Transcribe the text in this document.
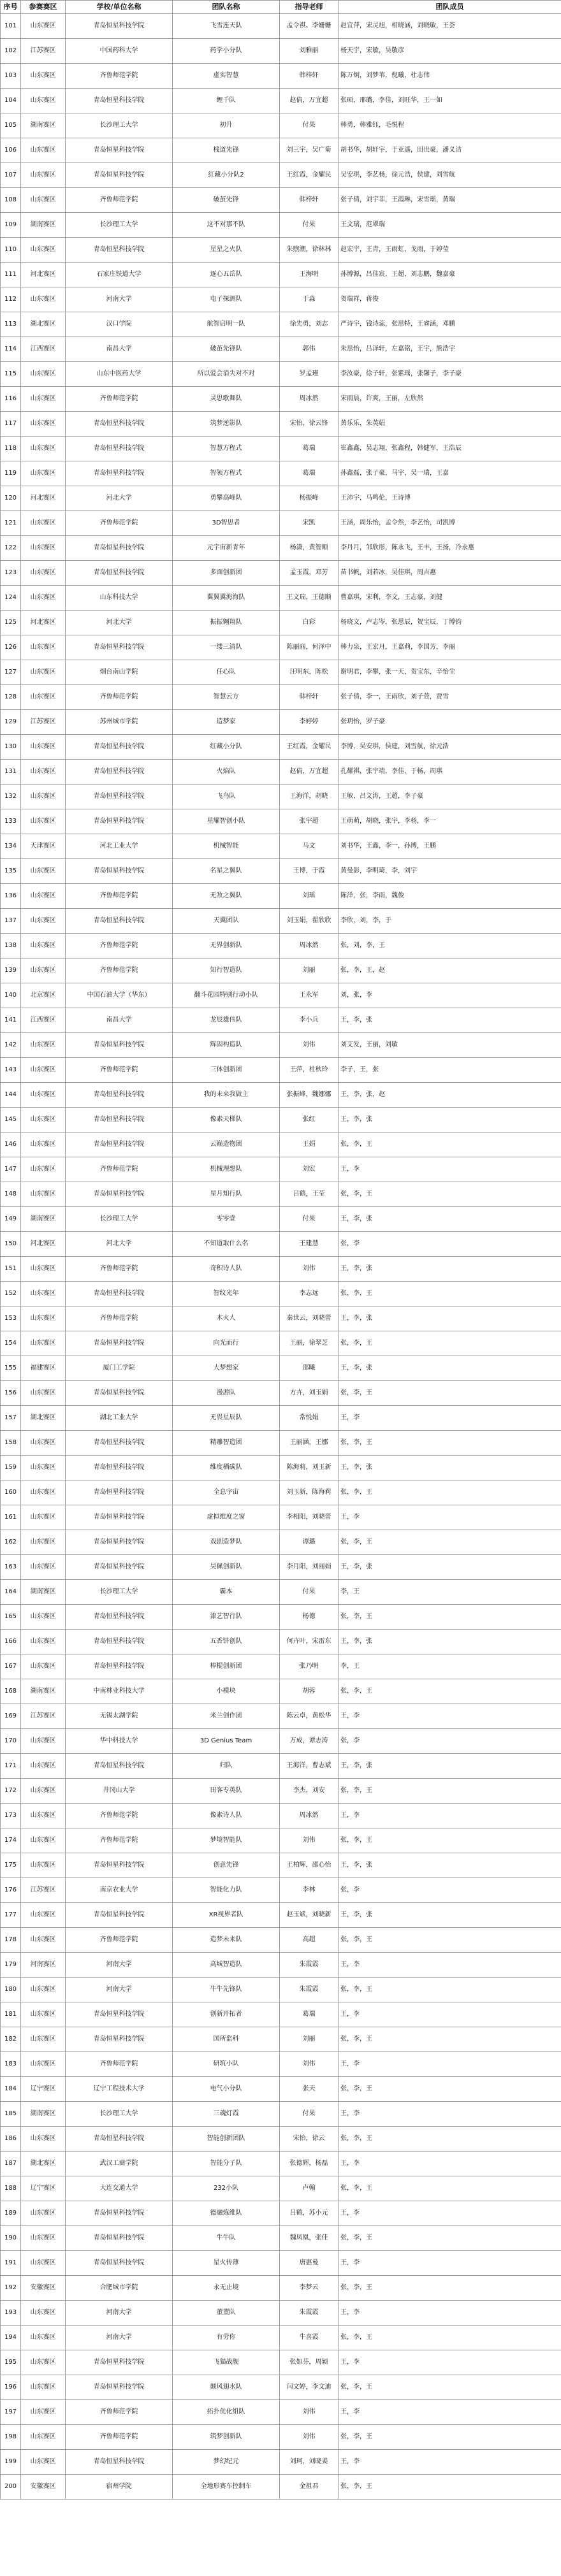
序号	参赛赛区	学校/单位名称	团队名称	指导老师	团队成员
101	山东赛区	青岛恒星科技学院	飞雪连天队	孟令祺、李姗姗	赵宜萍，宋灵旭，相晓涵，刘晓敏，王荟
102	江苏赛区	中国药科大学	药学小分队	刘雅丽	杨天宇，宋敏，吴敬彦
103	山东赛区	齐鲁师范学院	虚实智慧	韩梓轩	陈万炯，刘梦苇，倪曦，杜志伟
104	山东赛区	青岛恒星科技学院	鲤千队	赵倩，万宜超	张硕，邢璐，李佳，刘旺华，王一如
105	湖南赛区	长沙理工大学	初升	付果	韩勇，韩雅钰，毛悦程
106	山东赛区	青岛恒星科技学院	栈道先锋	刘三宇，吴广菊	胡书华，胡轩宇，于亚遥，田世豪，潘义洁
107	山东赛区	青岛恒星科技学院	红藏小分队2	王红霞，金耀民	吴安琪，李艺杨，徐元浩，侯建，刘雪航
108	山东赛区	齐鲁师范学院	破茧先锋	韩梓轩	张子倩，刘宇菲，王霞琳，宋雪瑶，黄瑞
109	湖南赛区	长沙理工大学	这不对那不队	付果	王文瑞，范翠瑞
110	山东赛区	青岛恒星科技学院	星星之火队	朱煦潮，徐林林	赵宏宇，王青，王雨虹，戈雨，于婷莹
111	河北赛区	石家庄铁道大学	逐心五岳队	王海明	孙博源，吕佳宸，王超，刘志鹏，魏嘉豪
112	山东赛区	河南大学	电子探测队	于淼	贺瑞祥，蒋俊
113	湖北赛区	汉口学院	航智启明一队	徐先勇，刘志	严诗宇，钱诗蕊，张思特，王睿涵，邓鹏
114	江西赛区	南昌大学	破茧先锋队	郭伟	朱思怡，吕泽轩，左嘉铭，王宇，熊浩宇
115	山东赛区	山东中医药大学	所以爱会消失对不对	罗孟瑾	李汝豪，徐子轩，张紫瑶，张馨子，李子豪
116	山东赛区	齐鲁师范学院	灵思歌舞队	周冰然	宋雨晨，许爽，王丽，左欣然
117	山东赛区	青岛恒星科技学院	筑梦逆影队	宋怡，徐云锋	黄乐乐，朱英娟
118	山东赛区	青岛恒星科技学院	智慧方程式	葛瑞	崔鑫鑫，吴志翔，张鑫程，韩健军，王浩辰
119	山东赛区	青岛恒星科技学院	智领方程式	葛瑞	孙鑫磊，张子豪，马宇，吴一瑞，王嘉
120	河北赛区	河北大学	勇攀高峰队	杨振峰	王沛宇，马鸣伦，王诗博
121	山东赛区	齐鲁师范学院	3D智思者	宋凯	王涵，周乐怡，孟令然，李艺怡，司凯博
122	山东赛区	青岛恒星科技学院	元宇宙新青年	杨潇，黄智顺	李丹月，邹欣彤，陈永飞，王丰，王扬，冷永惠
123	山东赛区	青岛恒星科技学院	多面创新团	孟玉霞，邓芳	苗书帆，刘若冰，吴佳琪，周吉惠
124	山东赛区	山东科技大学	翼翼翼海海队	王文瑞，王德顺	曹嘉琪，宋利，李文，王志豪，刘健
125	河北赛区	河北大学	振振翱翔队	白彩	杨晓文，卢志岑，张思辰，贺宝辰，丁博钧
126	山东赛区	青岛恒星科技学院	一缕三清队	陈丽丽，何泽中	韩力泉，王宏月，王嘉莉，李国芳，李丽
127	山东赛区	烟台南山学院	任心队	汪明东，陈松	谢明君，李攀，张一天，贺宝东，辛怡尘
128	山东赛区	齐鲁师范学院	智慧云方	韩梓轩	张子倩，李一，王雨欣，刘子萱，贾雪
129	江苏赛区	苏州城市学院	造梦家	李婷婷	张玥怡，罗子豪
130	山东赛区	青岛恒星科技学院	红藏小分队	王红霞，金耀民	李博，吴安琪，侯建，刘雪航，徐元浩
131	山东赛区	青岛恒星科技学院	火焰队	赵倩，万宜超	孔耀祺，张宇靖，李佳，于畅，周琪
132	山东赛区	青岛恒星科技学院	飞鸟队	王海洋，胡晓	王敏，吕文涛，王超，李子豪
133	山东赛区	青岛恒星科技学院	星耀智创小队	张宇超	王萌萌，胡晓，张宇，李杨，李一
134	天津赛区	河北工业大学	机械智能	马文	刘书华，王鑫，李一，孙博，王鹏
135	山东赛区	青岛恒星科技学院	名星之翼队	王博，于霞	黄曼影，李明琦，李，刘宇
136	山东赛区	齐鲁师范学院	无敌之翼队	刘瑶	陈洋，张，李雨，魏俊
137	山东赛区	青岛恒星科技学院	天翼团队	刘玉娟，翟欣欣	李欣，刘，李，于
138	山东赛区	齐鲁师范学院	无界创新队	周冰然	张，刘，李，王
139	山东赛区	齐鲁师范学院	知行智造队	刘丽	张，李，王，赵
140	北京赛区	中国石油大学（华东）	翻斗花园特别行动小队	王永军	刘，张，李
141	江西赛区	南昌大学	龙辰雄伟队	李小兵	王，李，张
142	山东赛区	青岛恒星科技学院	辉固构造队	刘伟	刘艾发，王丽，刘敏
143	山东赛区	齐鲁师范学院	三体创新团	王萍，杜秋玲	李子，王，张
144	山东赛区	青岛恒星科技学院	我的未来我做主	张振峰，魏娜娜	王，李，张，赵
145	山东赛区	青岛恒星科技学院	像素天梯队	张红	王，李，张
146	山东赛区	青岛恒星科技学院	云巅造物团	王娟	张，李，王
147	山东赛区	齐鲁师范学院	机械理想队	刘宏	王，李
148	山东赛区	青岛恒星科技学院	星月知行队	吕鹤，王莹	张，李，王
149	湖南赛区	长沙理工大学	零零壹	付果	王，李，张
150	河北赛区	河北大学	不知道取什么名	王建慧	张，李
151	山东赛区	齐鲁师范学院	奇积诗人队	刘伟	王，李，张
152	山东赛区	青岛恒星科技学院	智纹光年	李志远	张，李，王
153	山东赛区	齐鲁师范学院	木火人	秦世云，刘晓蕾	王，李，张
154	山东赛区	青岛恒星科技学院	向光而行	王丽，徐翠芝	张，李，王
155	福建赛区	厦门工学院	大梦想家	邵曦	王，李，张
156	山东赛区	青岛恒星科技学院	漫游队	方卉，刘玉娟	张，李，王
157	湖北赛区	湖北工业大学	无畏星辰队	常悦娟	王，李
158	山东赛区	青岛恒星科技学院	精雕智造团	王丽涵，王娜	张，李，王
159	山东赛区	青岛恒星科技学院	维度栖碳队	陈海莉，刘玉新	王，李，张
160	山东赛区	青岛恒星科技学院	全息宇宙	刘玉新，陈海莉	张，李，王
161	山东赛区	青岛恒星科技学院	虚拟维度之窗	李相阳，刘晓蕾	王，李
162	山东赛区	青岛恒星科技学院	戏剧造梦队	谭璐	张，李，王
163	山东赛区	青岛恒星科技学院	昊佩创新队	李月阳，刘丽娟	王，李，张
164	湖南赛区	长沙理工大学	霸本	付果	李，王
165	山东赛区	青岛恒星科技学院	漆艺智行队	杨德	张，李，王
166	山东赛区	青岛恒星科技学院	五香饼创队	何卉叶，宋雷东	王，李，张
167	山东赛区	青岛恒星科技学院	棒棍创新团	张乃明	李，王
168	湖南赛区	中南林业科技大学	小模块	胡蓉	张，李，王
169	江苏赛区	无锡太湖学院	米兰创作团	陈云卓，黄松华	王，李
170	山东赛区	华中科技大学	3D Genius Team	万成，谭志涛	张，李
171	山东赛区	青岛恒星科技学院	归队	王海洋，曹志斌	王，李，张
172	山东赛区	井冈山大学	田客专英队	李杰，刘安	张，李，王
173	山东赛区	齐鲁师范学院	像素诗人队	周冰然	王，李
174	山东赛区	齐鲁师范学院	梦境智能队	刘伟	张，李，王
175	山东赛区	青岛恒星科技学院	创意先锋	王柏辉，邵心怡	王，李，张
176	江苏赛区	南京农业大学	智能化力队	李林	张，李
177	山东赛区	青岛恒星科技学院	XR视界者队	赵玉斌，刘晓新	王，李，张
178	山东赛区	齐鲁师范学院	造梦未来队	高超	张，李，王
179	河南赛区	河南大学	高城智造队	朱霞霞	王，李
180	山东赛区	河南大学	牛牛先锋队	朱霞霞	张，李，王
181	山东赛区	青岛恒星科技学院	创新开拓者	葛瑞	王，李
182	山东赛区	青岛恒星科技学院	国所监科	刘丽	张，李，王
183	山东赛区	齐鲁师范学院	研筑小队	刘伟	王，李
184	辽宁赛区	辽宁工程技术大学	电气小分队	张天	张，李，王
185	湖南赛区	长沙理工大学	三魂灯霞	付果	王，李
186	山东赛区	青岛恒星科技学院	智能创新团队	宋怡，徐云	张，李，王
187	湖北赛区	武汉工商学院	智能分子队	张德辉，杨磊	王，李
188	辽宁赛区	大连交通大学	232小队	卢翰	张，李，王
189	山东赛区	青岛恒星科技学院	德融炼维队	吕鹤，苏小元	王，李
190	山东赛区	青岛恒星科技学院	牛牛队	魏凤凰，张佳	张，李，王
191	山东赛区	青岛恒星科技学院	星火传薄	唐惠曼	王，李
192	安徽赛区	合肥城市学院	永无止境	李梦云	张，李，王
193	山东赛区	河南大学	董董队	朱霞霞	王，李
194	山东赛区	河南大学	有劳你	牛喜霞	张，李，王
195	山东赛区	青岛恒星科技学院	飞猫战舰	张如芬，周颖	王，李
196	山东赛区	青岛恒星科技学院	颠风翅水队	闫文婷，李文迪	张，李，王
197	山东赛区	齐鲁师范学院	拓扑优化组队	刘伟	王，李
198	山东赛区	齐鲁师范学院	筑梦创新队	刘伟	张，李，王
199	山东赛区	青岛恒星科技学院	梦幻纪元	刘珂，刘晓姜	王，李
200	安徽赛区	宿州学院	全地形赛车控制车	金祖君	张，李，王
